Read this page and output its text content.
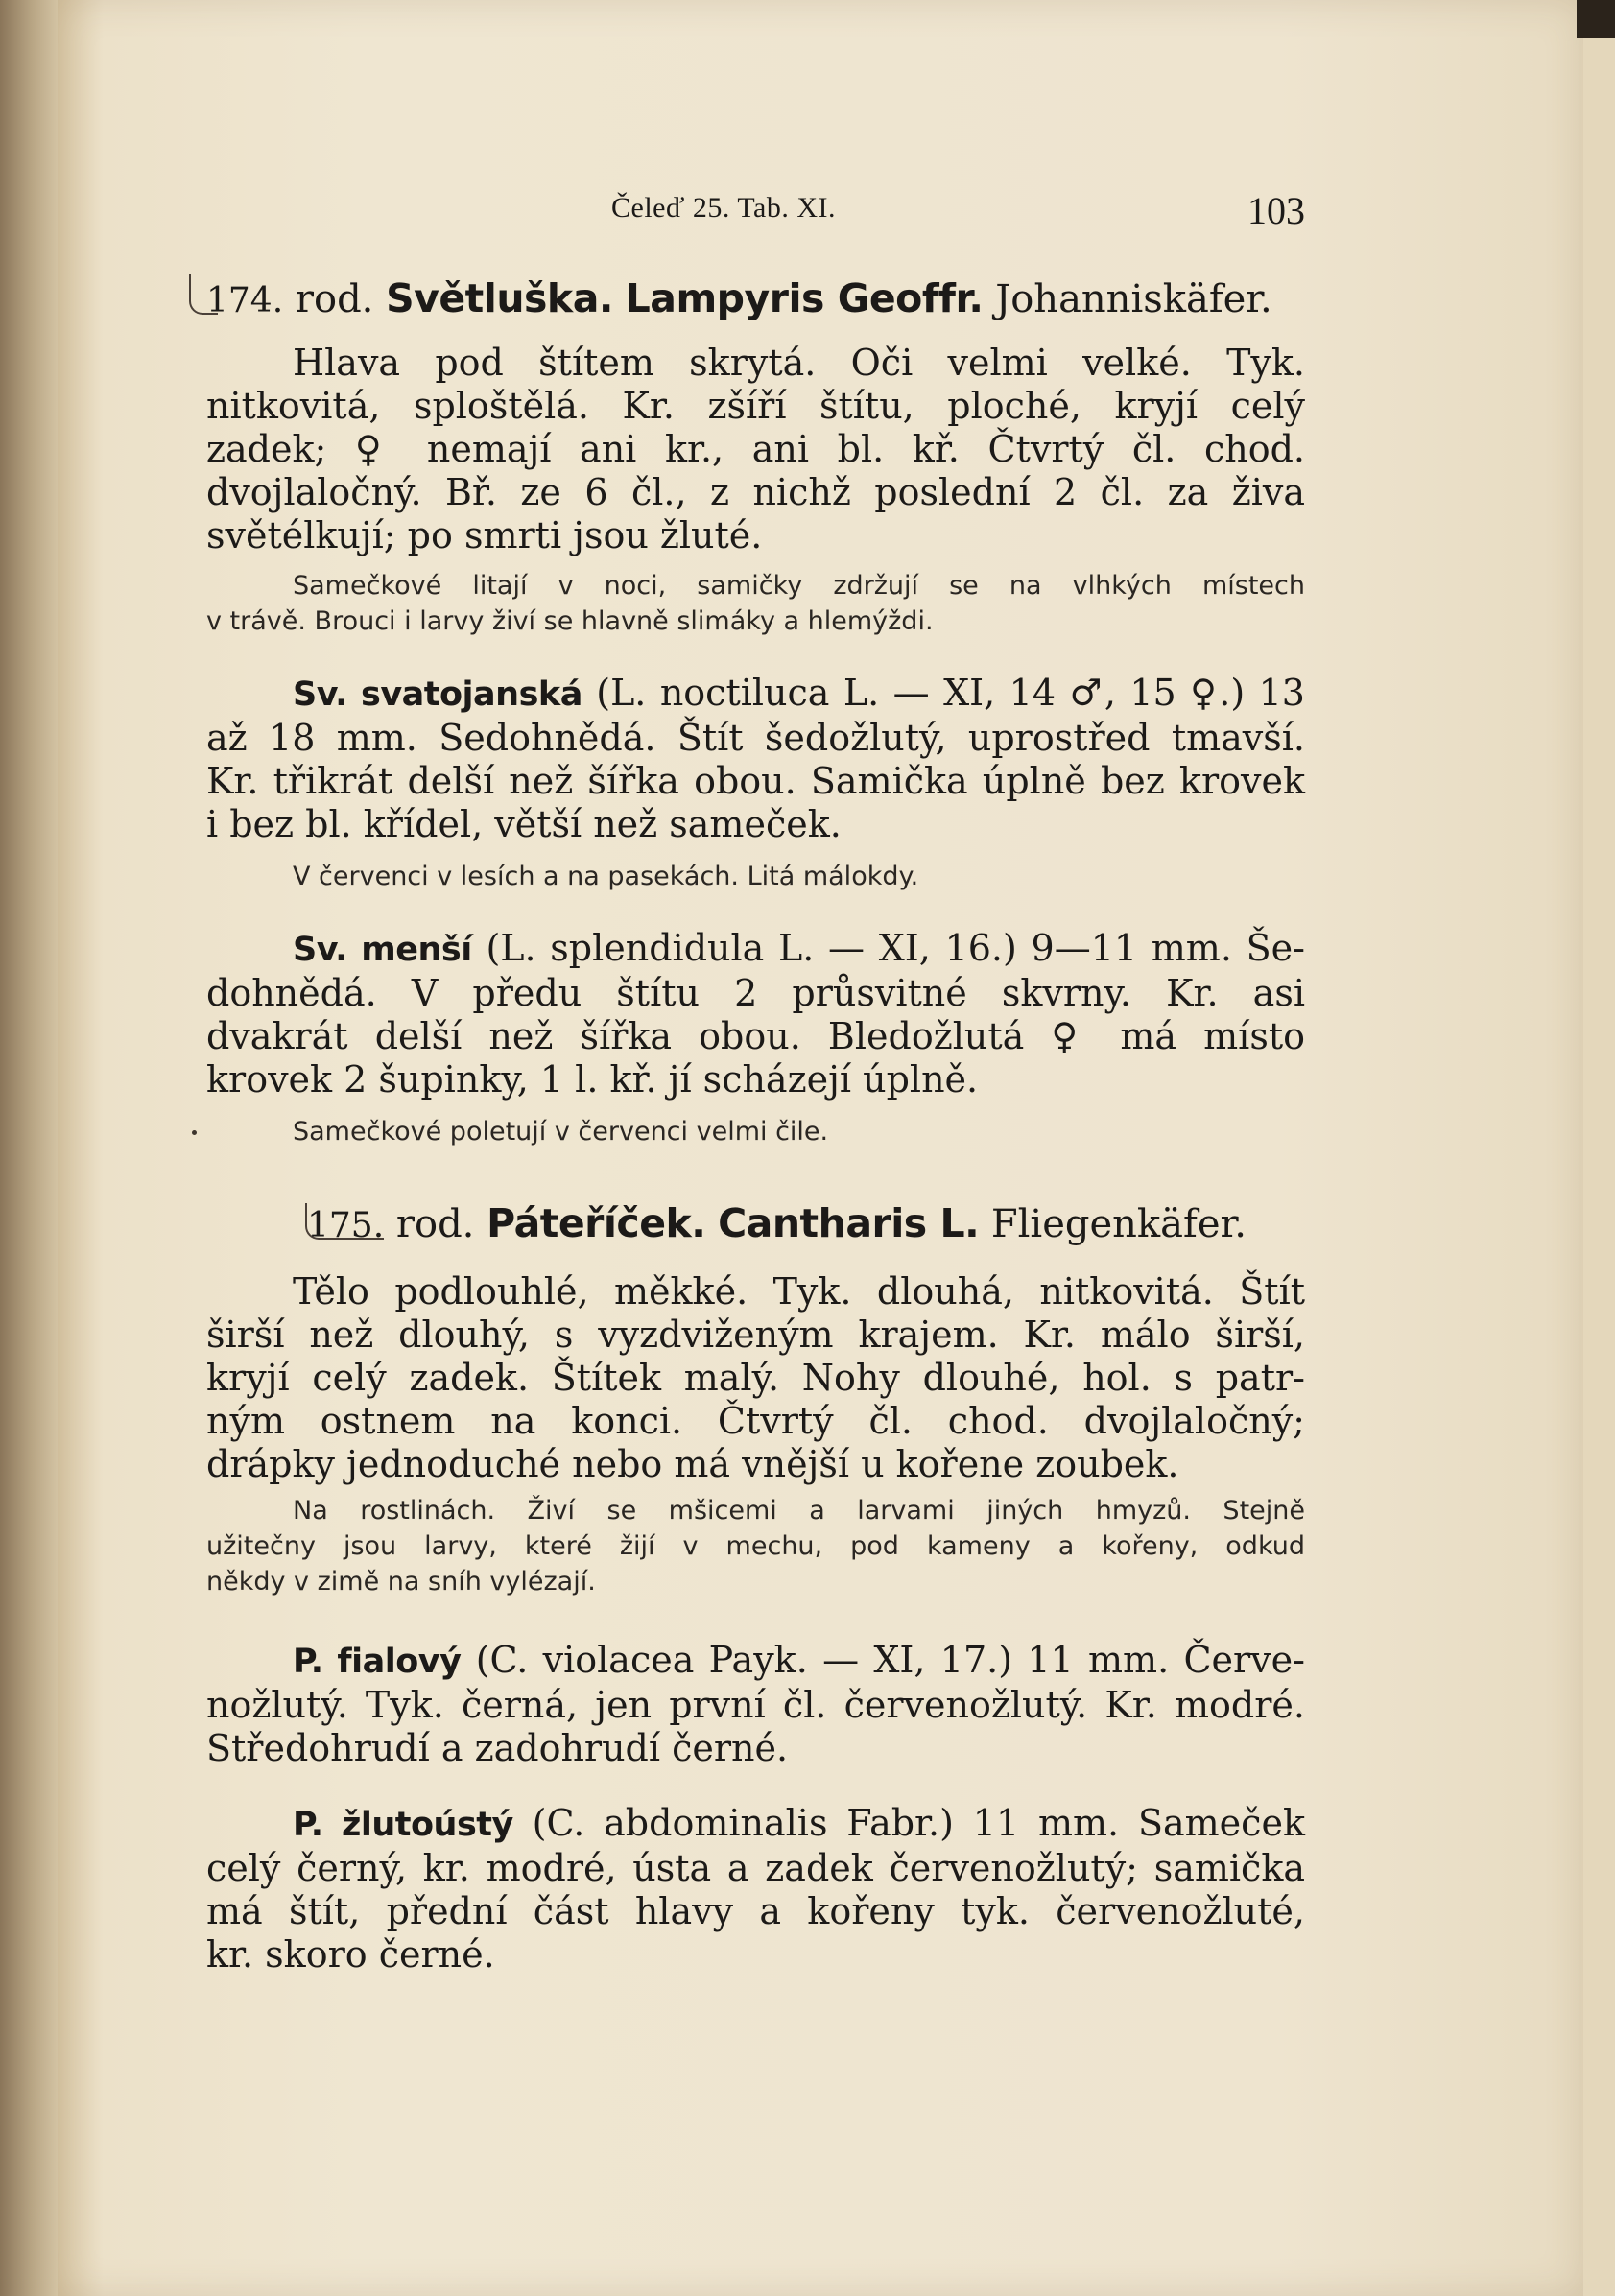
Čeleď 25. Tab. XI.	103
174. rod. Světluška. Lampyris Geoffr. Johanniskäfer.

Hlava pod štítem skrytá. Oči velmi velké. Tyk.

nitkovitá, sploštělá. Kr. zšíří štítu, ploché, kryjí celý

zadek; ♀ nemají ani kr., ani bl. kř. Čtvrtý čl. chod.

dvojlaločný. Bř. ze 6 čl., z nichž poslední 2 čl. za živa

světélkují; po smrti jsou žluté.

Samečkové litají v noci, samičky zdržují se na vlhkých místech

v trávě. Brouci i larvy živí se hlavně slimáky a hlemýždi.

Sv. svatojanská (L. noctiluca L. — XI, 14 ♂, 15 ♀.) 13

až 18 mm. Sedohnědá. Štít šedožlutý, uprostřed tmavší.

Kr. třikrát delší než šířka obou. Samička úplně bez krovek

i bez bl. křídel, větší než sameček.

V červenci v lesích a na pasekách. Litá málokdy.

Sv. menší (L. splendidula L. — XI, 16.) 9—11 mm. Še-

dohnědá. V předu štítu 2 průsvitné skvrny. Kr. asi

dvakrát delší než šířka obou. Bledožlutá ♀ má místo

krovek 2 šupinky, 1 l. kř. jí scházejí úplně.

Samečkové poletují v červenci velmi čile.

175. rod. Páteříček. Cantharis L. Fliegenkäfer.

Tělo podlouhlé, měkké. Tyk. dlouhá, nitkovitá. Štít

širší než dlouhý, s vyzdviženým krajem. Kr. málo širší,

kryjí celý zadek. Štítek malý. Nohy dlouhé, hol. s patr-

ným ostnem na konci. Čtvrtý čl. chod. dvojlaločný;

drápky jednoduché nebo má vnější u kořene zoubek.

Na rostlinách. Živí se mšicemi a larvami jiných hmyzů. Stejně

užitečny jsou larvy, které žijí v mechu, pod kameny a kořeny, odkud

někdy v zimě na sníh vylézají.

P. fialový (C. violacea Payk. — XI, 17.) 11 mm. Červe-

nožlutý. Tyk. černá, jen první čl. červenožlutý. Kr. modré.

Středohrudí a zadohrudí černé.

P. žlutoústý (C. abdominalis Fabr.) 11 mm. Sameček

celý černý, kr. modré, ústa a zadek červenožlutý; samička

má štít, přední část hlavy a kořeny tyk. červenožluté,

kr. skoro černé.
